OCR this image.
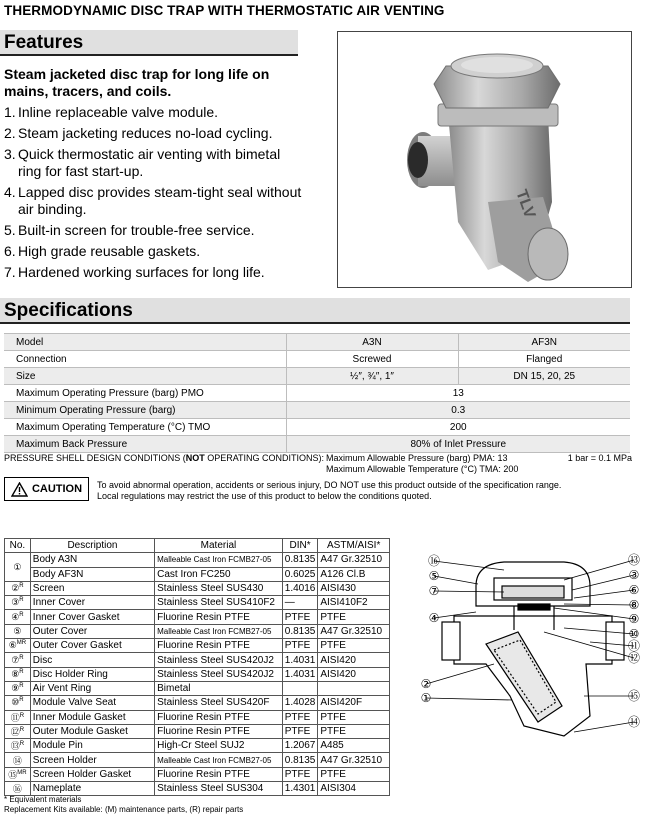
THERMODYNAMIC DISC TRAP WITH THERMOSTATIC AIR VENTING
Features
Steam jacketed disc trap for long life on mains, tracers, and coils.
1. Inline replaceable valve module.
2. Steam jacketing reduces no-load cycling.
3. Quick thermostatic air venting with bimetal ring for fast start-up.
4. Lapped disc provides steam-tight seal without air binding.
5. Built-in screen for trouble-free service.
6. High grade reusable gaskets.
7. Hardened working surfaces for long life.
TLV
Specifications
Model	A3N	AF3N
Connection	Screwed	Flanged
Size	½″, ¾″, 1″	DN 15, 20, 25
Maximum Operating Pressure (barg) PMO	13	
Minimum Operating Pressure (barg)	0.3	
Maximum Operating Temperature (°C) TMO	200	
Maximum Back Pressure	80% of Inlet Pressure	
PRESSURE SHELL DESIGN CONDITIONS (NOT OPERATING CONDITIONS): Maximum Allowable Pressure (barg) PMA: 13
Maximum Allowable Temperature (°C) TMA: 200
1 bar = 0.1 MPa
CAUTION To avoid abnormal operation, accidents or serious injury, DO NOT use this product outside of the specification range.
Local regulations may restrict the use of this product to below the conditions quoted.
No.	Description	Material	DIN*	ASTM/AISI*
①	Body A3N	Malleable Cast Iron FCMB27-05	0.8135	A47 Gr.32510
	Body AF3N	Cast Iron FC250	0.6025	A126 Cl.B
②$^R$	Screen	Stainless Steel SUS430	1.4016	AISI430
③$^R$	Inner Cover	Stainless Steel SUS410F2	—	AISI410F2
④$^R$	Inner Cover Gasket	Fluorine Resin PTFE	PTFE	PTFE
⑤	Outer Cover	Malleable Cast Iron FCMB27-05	0.8135	A47 Gr.32510
⑥$^{MR}$	Outer Cover Gasket	Fluorine Resin PTFE	PTFE	PTFE
⑦$^R$	Disc	Stainless Steel SUS420J2	1.4031	AISI420
⑧$^R$	Disc Holder Ring	Stainless Steel SUS420J2	1.4031	AISI420
⑨$^R$	Air Vent Ring	Bimetal		
⑩$^R$	Module Valve Seat	Stainless Steel SUS420F	1.4028	AISI420F
⑪$^R$	Inner Module Gasket	Fluorine Resin PTFE	PTFE	PTFE
⑫$^R$	Outer Module Gasket	Fluorine Resin PTFE	PTFE	PTFE
⑬$^R$	Module Pin	High-Cr Steel SUJ2	1.2067	A485
⑭	Screen Holder	Malleable Cast Iron FCMB27-05	0.8135	A47 Gr.32510
⑮$^{MR}$	Screen Holder Gasket	Fluorine Resin PTFE	PTFE	PTFE
⑯	Nameplate	Stainless Steel SUS304	1.4301	AISI304
* Equivalent materials
Replacement Kits available: (M) maintenance parts, (R) repair parts
⑯
⑤
⑦
④
②
①
⑬
③
⑥
⑧
⑨
⑩
⑫
⑪
⑮
⑭
